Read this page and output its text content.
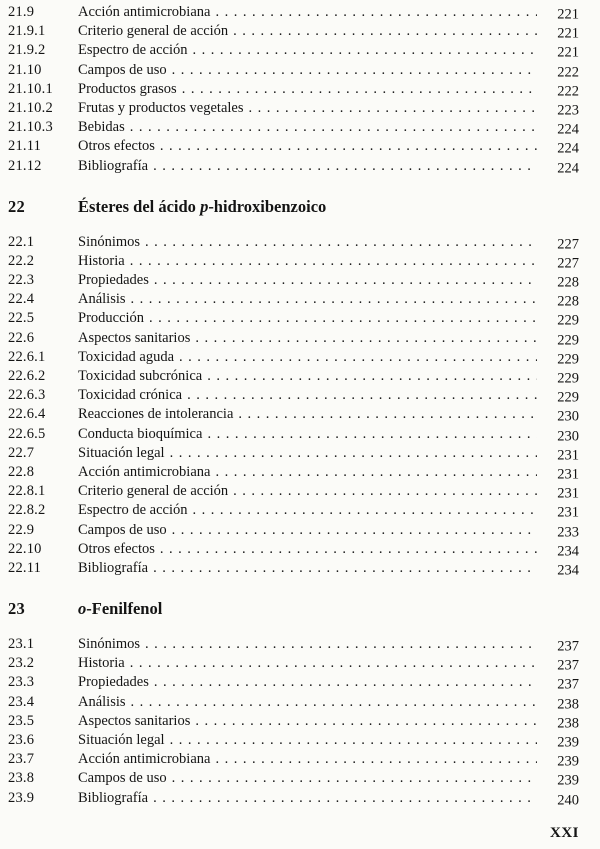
21.9	Acción antimicrobiana .....	221
21.9.1	Criterio general de acción .....	221
21.9.2	Espectro de acción .....	221
21.10	Campos de uso .....	222
21.10.1	Productos grasos .....	222
21.10.2	Frutas y productos vegetales .....	223
21.10.3	Bebidas .....	224
21.11	Otros efectos .....	224
21.12	Bibliografía .....	224
22	Ésteres del ácido p-hidroxibenzoico
22.1	Sinónimos .....	227
22.2	Historia .....	227
22.3	Propiedades .....	228
22.4	Análisis .....	228
22.5	Producción .....	229
22.6	Aspectos sanitarios .....	229
22.6.1	Toxicidad aguda .....	229
22.6.2	Toxicidad subcrónica .....	229
22.6.3	Toxicidad crónica .....	229
22.6.4	Reacciones de intolerancia .....	230
22.6.5	Conducta bioquímica .....	230
22.7	Situación legal .....	231
22.8	Acción antimicrobiana .....	231
22.8.1	Criterio general de acción .....	231
22.8.2	Espectro de acción .....	231
22.9	Campos de uso .....	233
22.10	Otros efectos .....	234
22.11	Bibliografía .....	234
23	o-Fenilfenol
23.1	Sinónimos .....	237
23.2	Historia .....	237
23.3	Propiedades .....	237
23.4	Análisis .....	238
23.5	Aspectos sanitarios .....	238
23.6	Situación legal .....	239
23.7	Acción antimicrobiana .....	239
23.8	Campos de uso .....	239
23.9	Bibliografía .....	240
XXI
